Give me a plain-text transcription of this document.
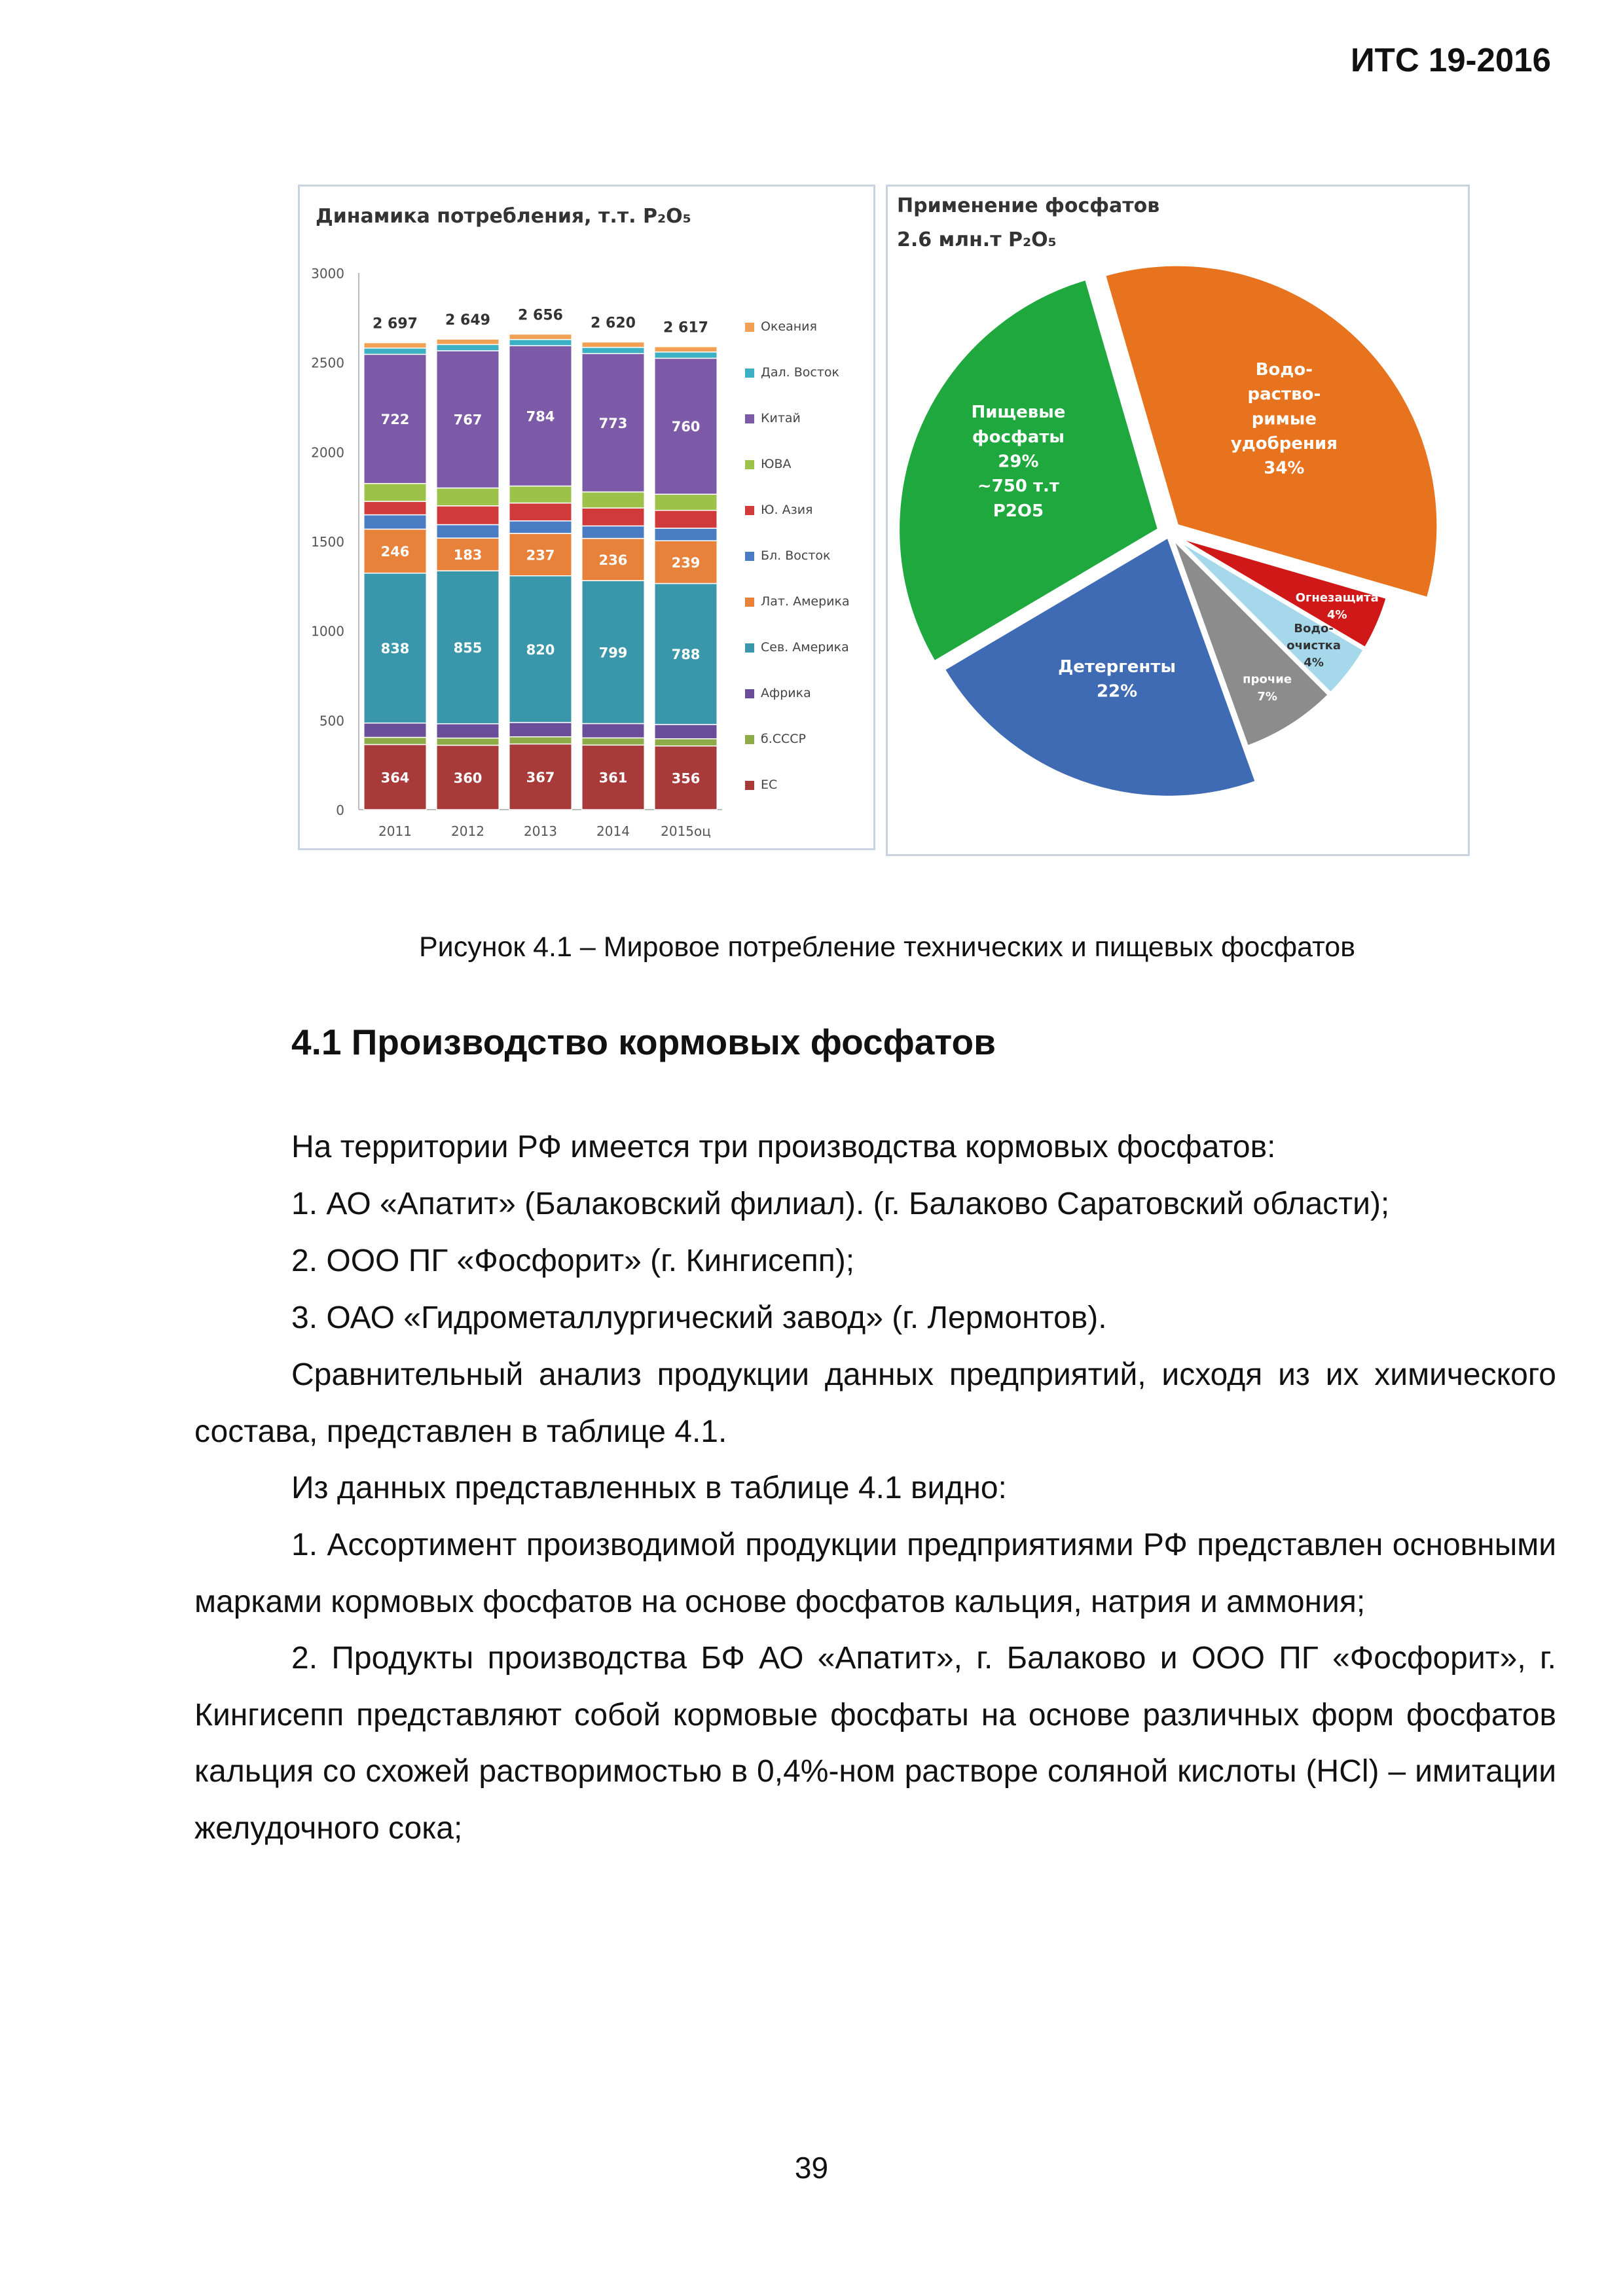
ИТС 19-2016
Динамика потребления, т.т. P₂O₅
0
500
1000
1500
2000
2500
3000
364
838
246
722
2 697
2011
360
855
183
767
2 649
2012
367
820
237
784
2 656
2013
361
799
236
773
2 620
2014
356
788
239
760
2 617
2015оц
Океания
Дал. Восток
Китай
ЮВА
Ю. Азия
Бл. Восток
Лат. Америка
Сев. Америка
Африка
б.СССР
ЕС
Применение фосфатов
2.6 млн.т P₂O₅
Водо-раство-римые удобрения 34%
Огнезащита 4%
Водо-очистка 4%
прочие 7%
Детергенты 22%
Пищевые фосфаты 29% ~750 т.т P2O5
Рисунок 4.1 – Мировое потребление технических и пищевых фосфатов
4.1 Производство кормовых фосфатов
На территории РФ имеется три производства кормовых фосфатов:
1. АО «Апатит» (Балаковский филиал). (г. Балаково Саратовский области);
2. ООО ПГ «Фосфорит» (г. Кингисепп);
3. ОАО «Гидрометаллургический завод» (г. Лермонтов).
Сравнительный анализ продукции данных предприятий, исходя из их химического состава, представлен в таблице 4.1.
Из данных представленных в таблице 4.1 видно:
1. Ассортимент производимой продукции предприятиями РФ представлен основными марками кормовых фосфатов на основе фосфатов кальция, натрия и аммония;
2. Продукты производства БФ АО «Апатит», г. Балаково и ООО ПГ «Фосфорит», г. Кингисепп представляют собой кормовые фосфаты на основе различных форм фосфатов кальция со схожей растворимостью в 0,4%-ном растворе соляной кислоты (HCl) – имитации желудочного сока;
39
